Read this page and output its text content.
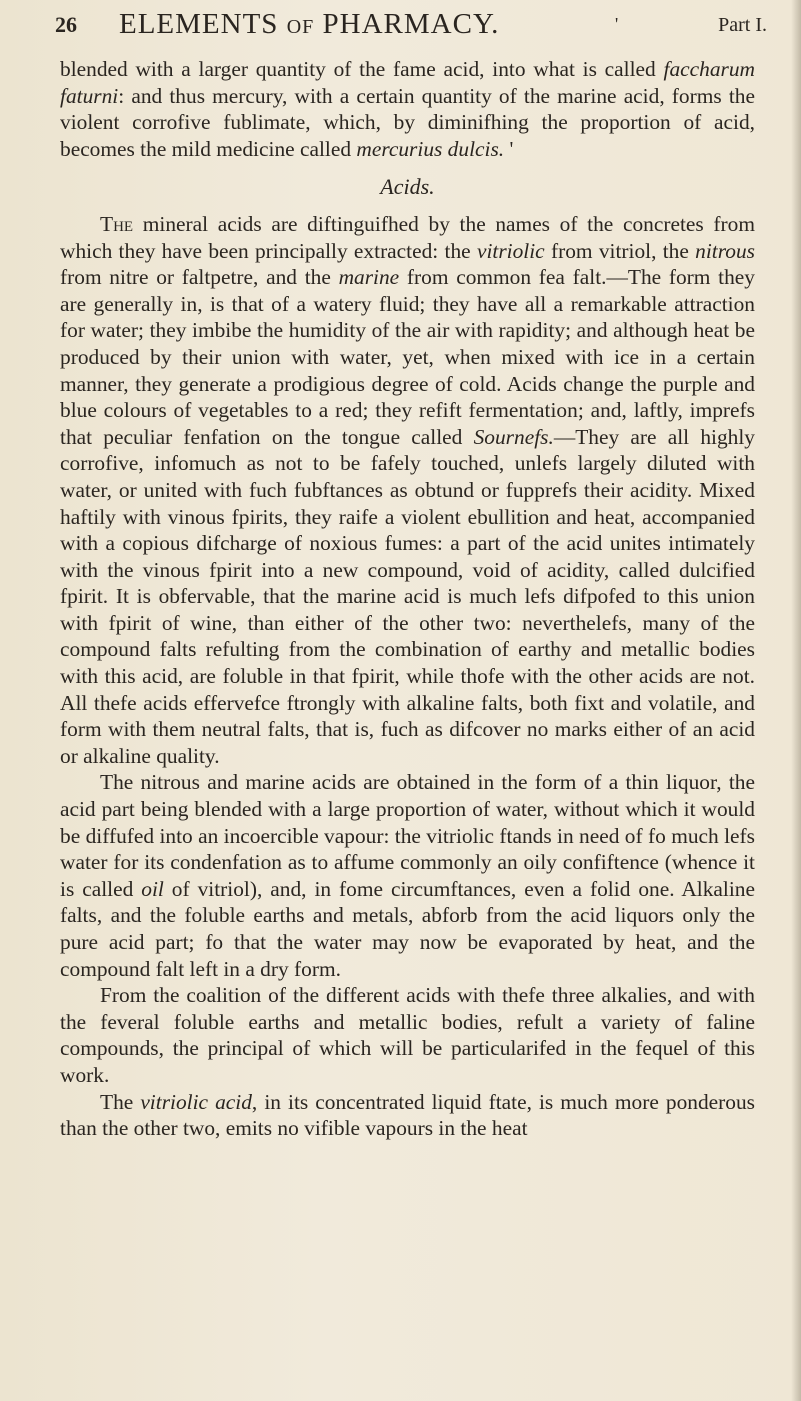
26 ELEMENTS OF PHARMACY.	'	Part I.

blended with a larger quantity of the fame acid, into what is called faccharum faturni: and thus mercury, with a certain quantity of the marine acid, forms the violent corrofive fublimate, which, by diminifhing the proportion of acid, becomes the mild medicine called mercurius dulcis. '

Acids.

The mineral acids are diftinguifhed by the names of the concretes from which they have been principally extracted: the vitriolic from vitriol, the nitrous from nitre or faltpetre, and the marine from common fea falt.—The form they are generally in, is that of a watery fluid; they have all a remarkable attraction for water; they imbibe the humidity of the air with rapidity; and although heat be produced by their union with water, yet, when mixed with ice in a certain manner, they generate a prodigious degree of cold. Acids change the purple and blue colours of vegetables to a red; they refift fermentation; and, laftly, imprefs that peculiar fenfation on the tongue called Sournefs.—They are all highly corrofive, infomuch as not to be fafely touched, unlefs largely diluted with water, or united with fuch fubftances as obtund or fupprefs their acidity. Mixed haftily with vinous fpirits, they raife a violent ebullition and heat, accompanied with a copious difcharge of noxious fumes: a part of the acid unites intimately with the vinous fpirit into a new compound, void of acidity, called dulcified fpirit. It is obfervable, that the marine acid is much lefs difpofed to this union with fpirit of wine, than either of the other two: neverthelefs, many of the compound falts refulting from the combination of earthy and metallic bodies with this acid, are foluble in that fpirit, while thofe with the other acids are not. All thefe acids effervefce ftrongly with alkaline falts, both fixt and volatile, and form with them neutral falts, that is, fuch as difcover no marks either of an acid or alkaline quality.

The nitrous and marine acids are obtained in the form of a thin liquor, the acid part being blended with a large proportion of water, without which it would be diffufed into an incoercible vapour: the vitriolic ftands in need of fo much lefs water for its condenfation as to affume commonly an oily confiftence (whence it is called oil of vitriol), and, in fome circumftances, even a folid one. Alkaline falts, and the foluble earths and metals, abforb from the acid liquors only the pure acid part; fo that the water may now be evaporated by heat, and the compound falt left in a dry form.

From the coalition of the different acids with thefe three alkalies, and with the feveral foluble earths and metallic bodies, refult a variety of faline compounds, the principal of which will be particularifed in the fequel of this work.

The vitriolic acid, in its concentrated liquid ftate, is much more ponderous than the other two, emits no vifible vapours in the heat
